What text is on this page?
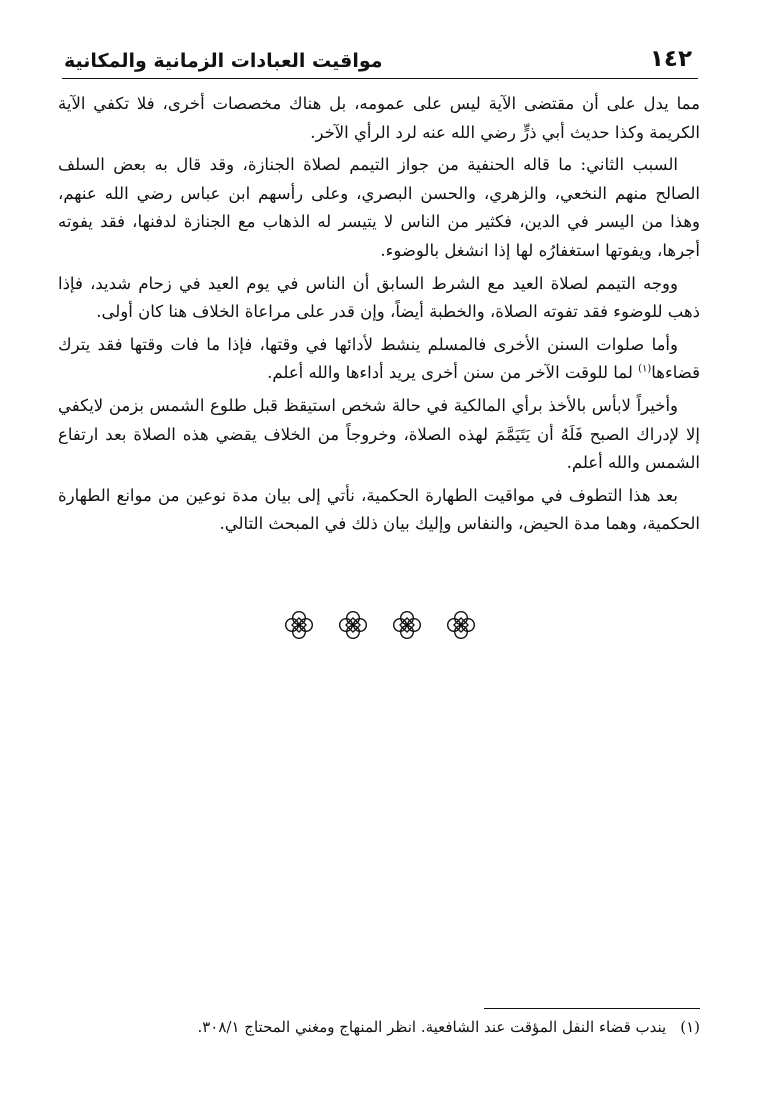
١٤٢
مواقيت العبادات الزمانية والمكانية

مما يدل على أن مقتضى الآية ليس على عمومه، بل هناك مخصصات أخرى، فلا تكفي الآية الكريمة وكذا حديث أبي ذرٍّ رضي الله عنه لرد الرأي الآخر.

السبب الثاني: ما قاله الحنفية من جواز التيمم لصلاة الجنازة، وقد قال به بعض السلف الصالح منهم النخعي، والزهري، والحسن البصري، وعلى رأسهم ابن عباس رضي الله عنهم، وهذا من اليسر في الدين، فكثير من الناس لا يتيسر له الذهاب مع الجنازة لدفنها، فقد يفوته أجرها، ويفوتها استغفارُه لها إذا انشغل بالوضوء.

ووجه التيمم لصلاة العيد مع الشرط السابق أن الناس في يوم العيد في زحام شديد، فإذا ذهب للوضوء فقد تفوته الصلاة، والخطبة أيضاً، وإن قدر على مراعاة الخلاف هنا كان أولى.

وأما صلوات السنن الأخرى فالمسلم ينشط لأدائها في وقتها، فإذا ما فات وقتها فقد يترك قضاءها$^{(١)}$ لما للوقت الآخر من سنن أخرى يريد أداءها والله أعلم.

وأخيراً لابأس بالأخذ برأي المالكية في حالة شخص استيقظ قبل طلوع الشمس بزمن لايكفي إلا لإدراك الصبح فَلَهُ أن يَتَيَمَّمَ لهذه الصلاة، وخروجاً من الخلاف يقضي هذه الصلاة بعد ارتفاع الشمس والله أعلم.

بعد هذا التطوف في مواقيت الطهارة الحكمية، نأتي إلى بيان مدة نوعين من موانع الطهارة الحكمية، وهما مدة الحيض، والنفاس وإليك بيان ذلك في المبحث التالي.

(١)يندب قضاء النفل المؤقت عند الشافعية. انظر المنهاج ومغني المحتاج ٣٠٨/١.
